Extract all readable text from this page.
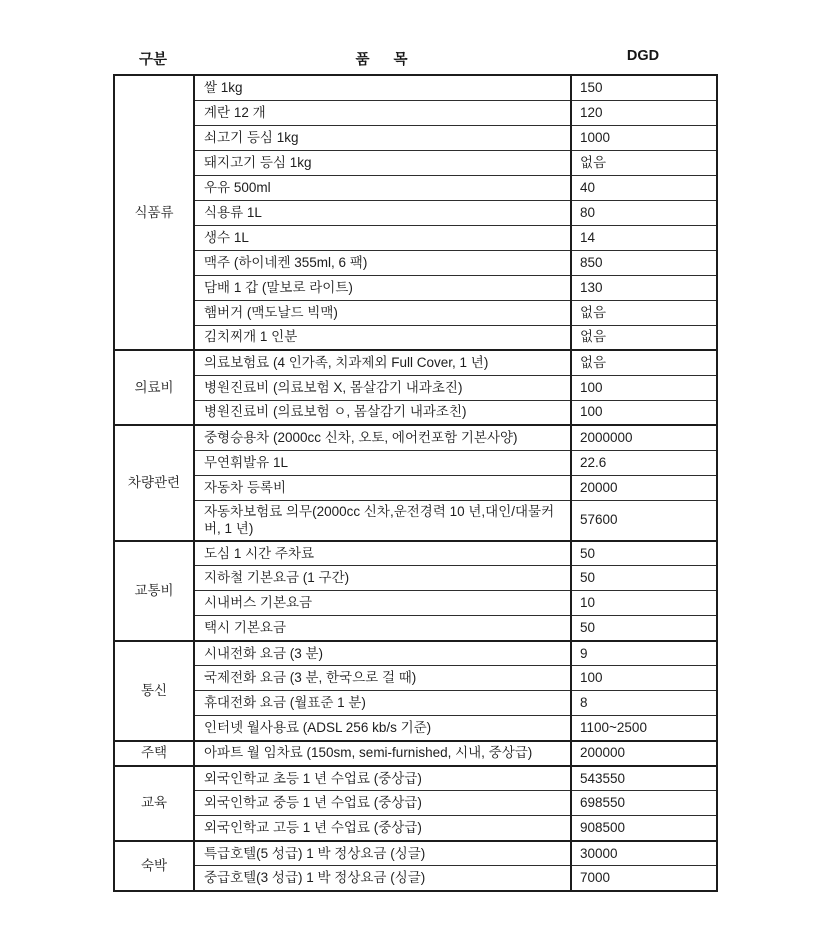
구분	품  목	DGD
식품류	쌀 1kg	150
	계란 12 개	120
	쇠고기 등심 1kg	1000
	돼지고기 등심 1kg	없음
	우유 500ml	40
	식용류 1L	80
	생수 1L	14
	맥주 (하이네켄 355ml, 6 팩)	850
	담배 1 갑 (말보로 라이트)	130
	햄버거 (맥도날드 빅맥)	없음
	김치찌개 1 인분	없음
의료비	의료보험료 (4 인가족, 치과제외 Full Cover, 1 년)	없음
	병원진료비 (의료보험 X, 몸살감기 내과초진)	100
	병원진료비 (의료보험 ㅇ, 몸살감기 내과조친)	100
차량관련	중형승용차 (2000cc 신차, 오토, 에어컨포함 기본사양)	2000000
	무연휘발유 1L	22.6
	자동차 등록비	20000
	자동차보험료 의무(2000cc 신차,운전경력 10 년,대인/대물커버, 1 년)	57600
교통비	도심 1 시간 주차료	50
	지하철 기본요금 (1 구간)	50
	시내버스 기본요금	10
	택시 기본요금	50
통신	시내전화 요금 (3 분)	9
	국제전화 요금 (3 분, 한국으로 걸 때)	100
	휴대전화 요금 (월표준 1 분)	8
	인터넷 월사용료 (ADSL 256 kb/s 기준)	1100~2500
주택	아파트 월 임차료 (150sm, semi-furnished, 시내, 중상급)	200000
교육	외국인학교 초등 1 년 수업료 (중상급)	543550
	외국인학교 중등 1 년 수업료 (중상급)	698550
	외국인학교 고등 1 년 수업료 (중상급)	908500
숙박	특급호텔(5 성급) 1 박 정상요금 (싱글)	30000
	중급호텔(3 성급) 1 박 정상요금 (싱글)	7000
